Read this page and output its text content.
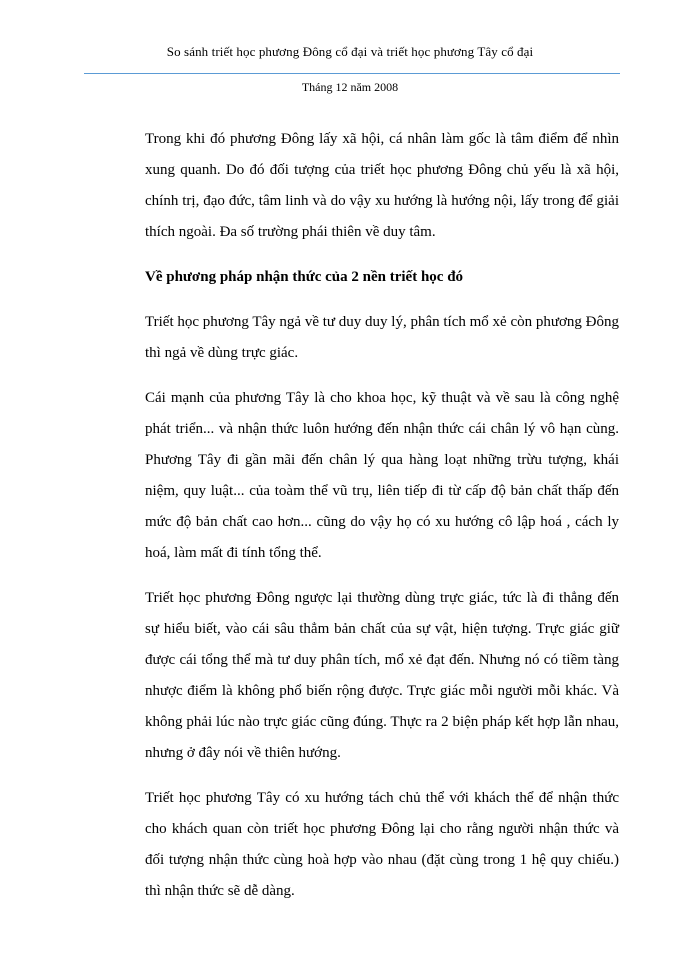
So sánh triết học phương Đông cổ đại và triết học phương Tây cổ đại
Tháng 12 năm 2008

Trong khi đó phương Đông lấy xã hội, cá nhân làm gốc là tâm điểm để nhìn xung quanh. Do đó đối tượng của triết học phương Đông chủ yếu là xã hội, chính trị, đạo đức, tâm linh và do vậy xu hướng là hướng nội, lấy trong để giải thích ngoài. Đa số trường phái thiên về duy tâm.

Về phương pháp nhận thức của 2 nền triết học đó

Triết học phương Tây ngả về tư duy duy lý, phân tích mổ xẻ còn phương Đông thì ngả về dùng trực giác.

Cái mạnh của phương Tây là cho khoa học, kỹ thuật và về sau là công nghệ phát triển... và nhận thức luôn hướng đến nhận thức cái chân lý vô hạn cùng. Phương Tây đi gần mãi đến chân lý qua hàng loạt những trừu tượng, khái niệm, quy luật... của toàm thể vũ trụ, liên tiếp đi từ cấp độ bản chất thấp đến mức độ bản chất cao hơn... cũng do vậy họ có xu hướng cô lập hoá , cách ly hoá, làm mất đi tính tổng thể.

Triết học phương Đông ngược lại thường dùng trực giác, tức là đi thẳng đến sự hiểu biết, vào cái sâu thẳm bản chất của sự vật, hiện tượng. Trực giác giữ được cái tổng thể mà tư duy phân tích, mổ xẻ đạt đến. Nhưng nó có tiềm tàng nhược điểm là không phổ biến rộng được. Trực giác mỗi người mỗi khác. Và không phải lúc nào trực giác cũng đúng. Thực ra 2 biện pháp kết hợp lẫn nhau, nhưng ở đây nói về thiên hướng.

Triết học phương Tây có xu hướng tách chủ thể với khách thể để nhận thức cho khách quan còn triết học phương Đông lại cho rằng người nhận thức và đối tượng nhận thức cùng hoà hợp vào nhau (đặt cùng trong 1 hệ quy chiếu.) thì nhận thức sẽ dễ dàng.
